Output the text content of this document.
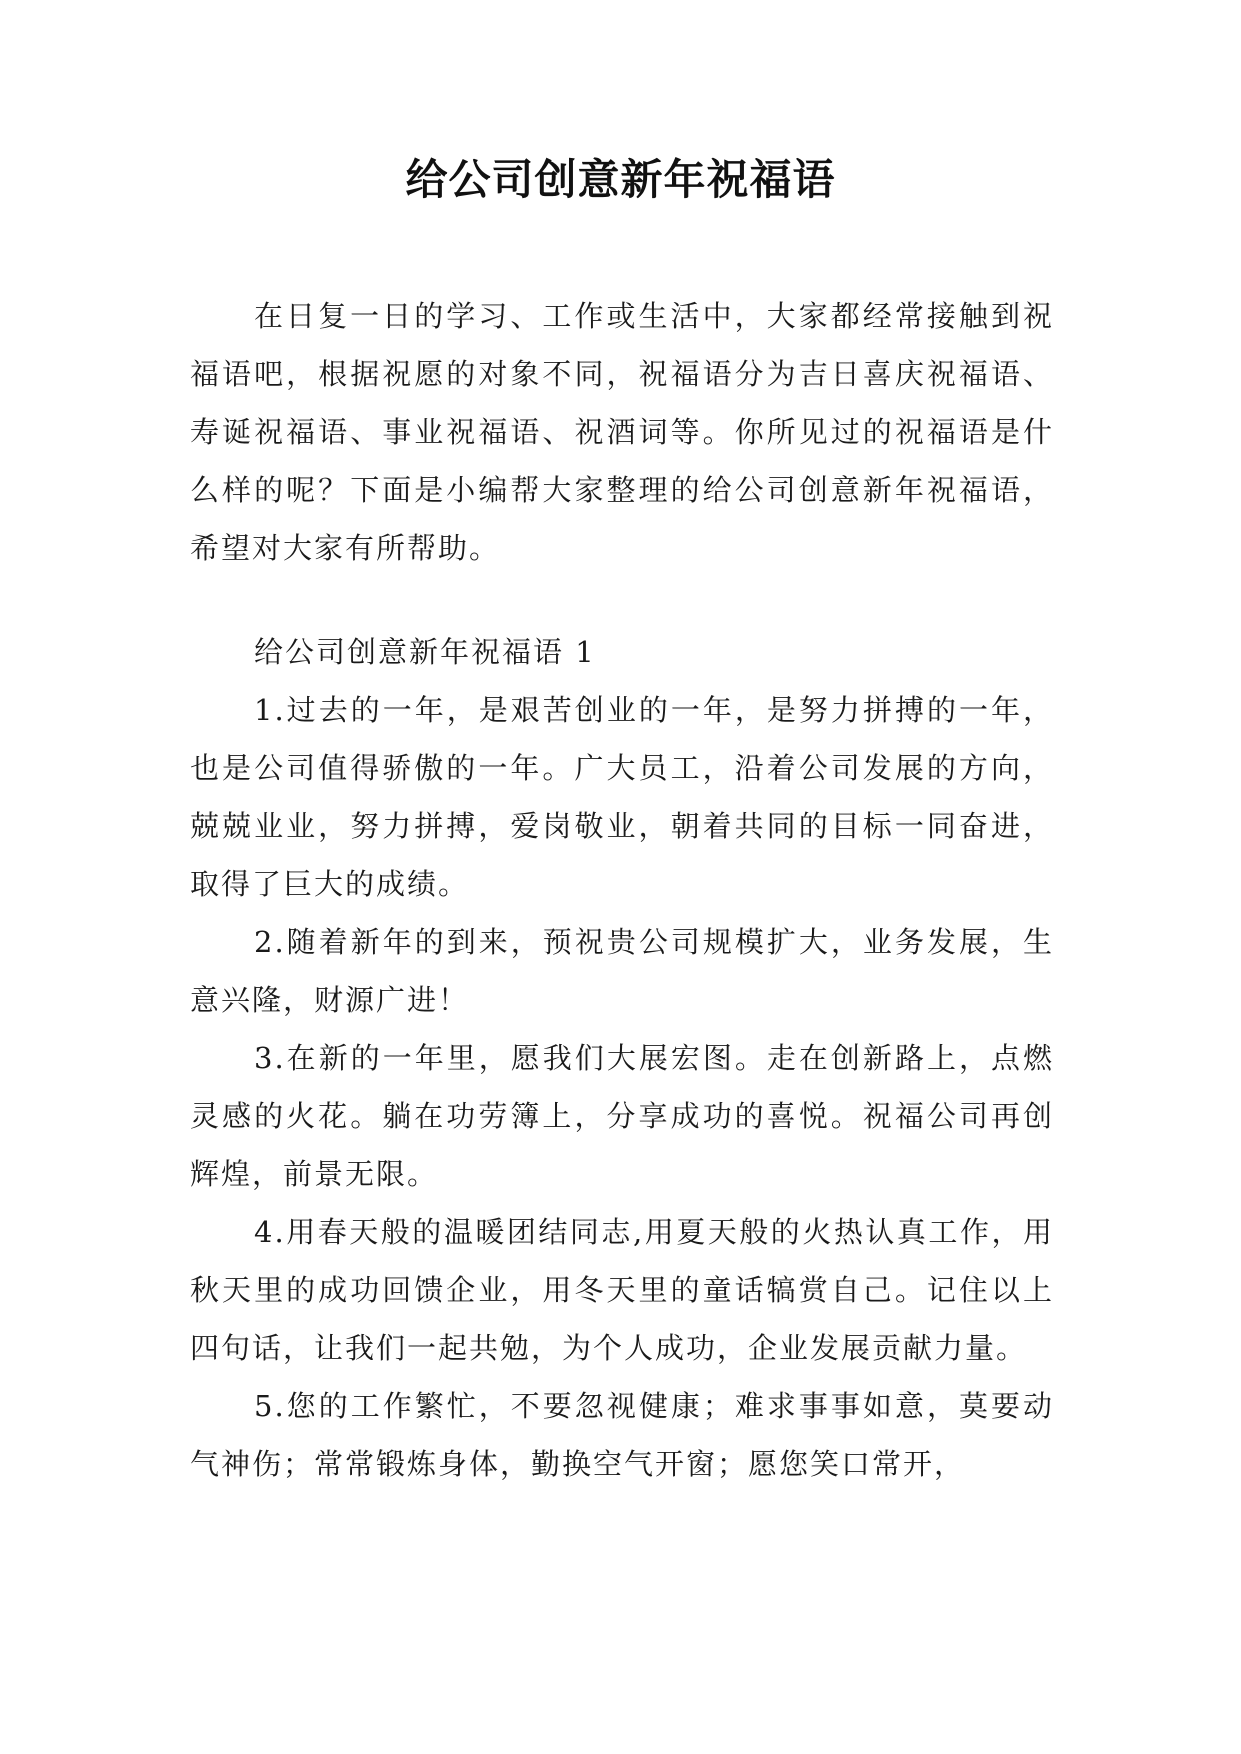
给公司创意新年祝福语

在日复一日的学习、工作或生活中，大家都经常接触到祝福语吧，根据祝愿的对象不同，祝福语分为吉日喜庆祝福语、寿诞祝福语、事业祝福语、祝酒词等。你所见过的祝福语是什么样的呢？下面是小编帮大家整理的给公司创意新年祝福语，希望对大家有所帮助。

给公司创意新年祝福语 1

1.过去的一年，是艰苦创业的一年，是努力拼搏的一年，也是公司值得骄傲的一年。广大员工，沿着公司发展的方向，兢兢业业，努力拼搏，爱岗敬业，朝着共同的目标一同奋进，取得了巨大的成绩。

2.随着新年的到来，预祝贵公司规模扩大，业务发展，生意兴隆，财源广进！

3.在新的一年里，愿我们大展宏图。走在创新路上，点燃灵感的火花。躺在功劳簿上，分享成功的喜悦。祝福公司再创辉煌，前景无限。

4.用春天般的温暖团结同志,用夏天般的火热认真工作，用秋天里的成功回馈企业，用冬天里的童话犒赏自己。记住以上四句话，让我们一起共勉，为个人成功，企业发展贡献力量。

5.您的工作繁忙，不要忽视健康；难求事事如意，莫要动气神伤；常常锻炼身体，勤换空气开窗；愿您笑口常开，
